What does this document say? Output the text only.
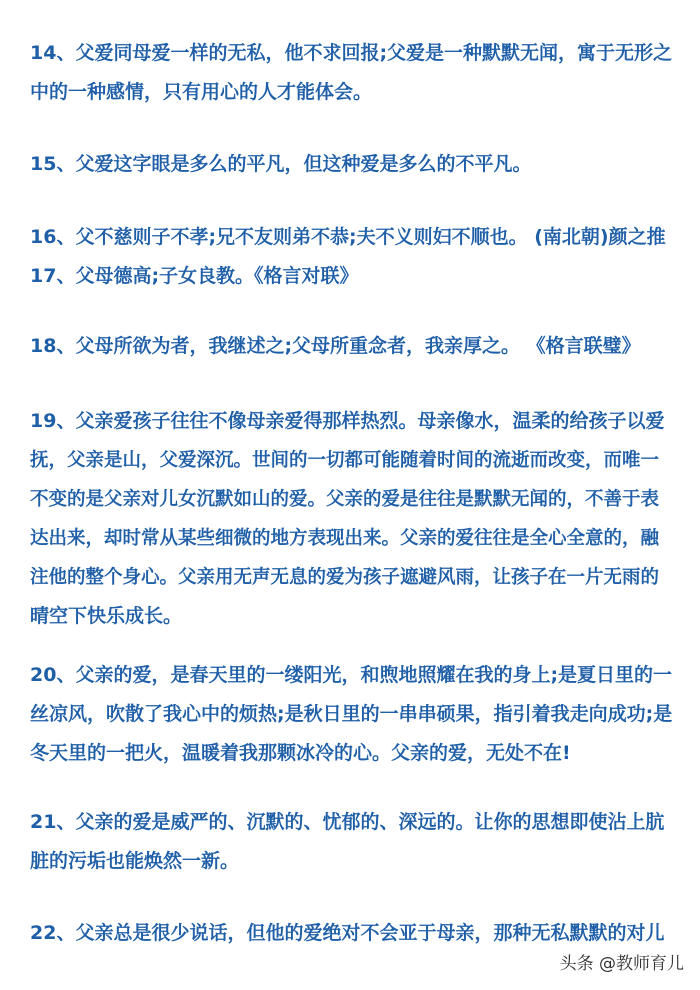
14、父爱同母爱一样的无私，他不求回报;父爱是一种默默无闻，寓于无形之
中的一种感情，只有用心的人才能体会。

15、父爱这字眼是多么的平凡，但这种爱是多么的不平凡。

16、父不慈则子不孝;兄不友则弟不恭;夫不义则妇不顺也。 (南北朝)颜之推
17、父母德高;子女良教。《格言对联》

18、父母所欲为者，我继述之;父母所重念者，我亲厚之。 《格言联璧》

19、父亲爱孩子往往不像母亲爱得那样热烈。母亲像水，温柔的给孩子以爱
抚，父亲是山，父爱深沉。世间的一切都可能随着时间的流逝而改变，而唯一
不变的是父亲对儿女沉默如山的爱。父亲的爱是往往是默默无闻的，不善于表
达出来，却时常从某些细微的地方表现出来。父亲的爱往往是全心全意的，融
注他的整个身心。父亲用无声无息的爱为孩子遮避风雨，让孩子在一片无雨的
晴空下快乐成长。

20、父亲的爱，是春天里的一缕阳光，和煦地照耀在我的身上;是夏日里的一
丝凉风，吹散了我心中的烦热;是秋日里的一串串硕果，指引着我走向成功;是
冬天里的一把火，温暖着我那颗冰冷的心。父亲的爱，无处不在!

21、父亲的爱是威严的、沉默的、忧郁的、深远的。让你的思想即使沾上肮
脏的污垢也能焕然一新。

22、父亲总是很少说话，但他的爱绝对不会亚于母亲，那种无私默默的对儿

头条 @教师育儿
